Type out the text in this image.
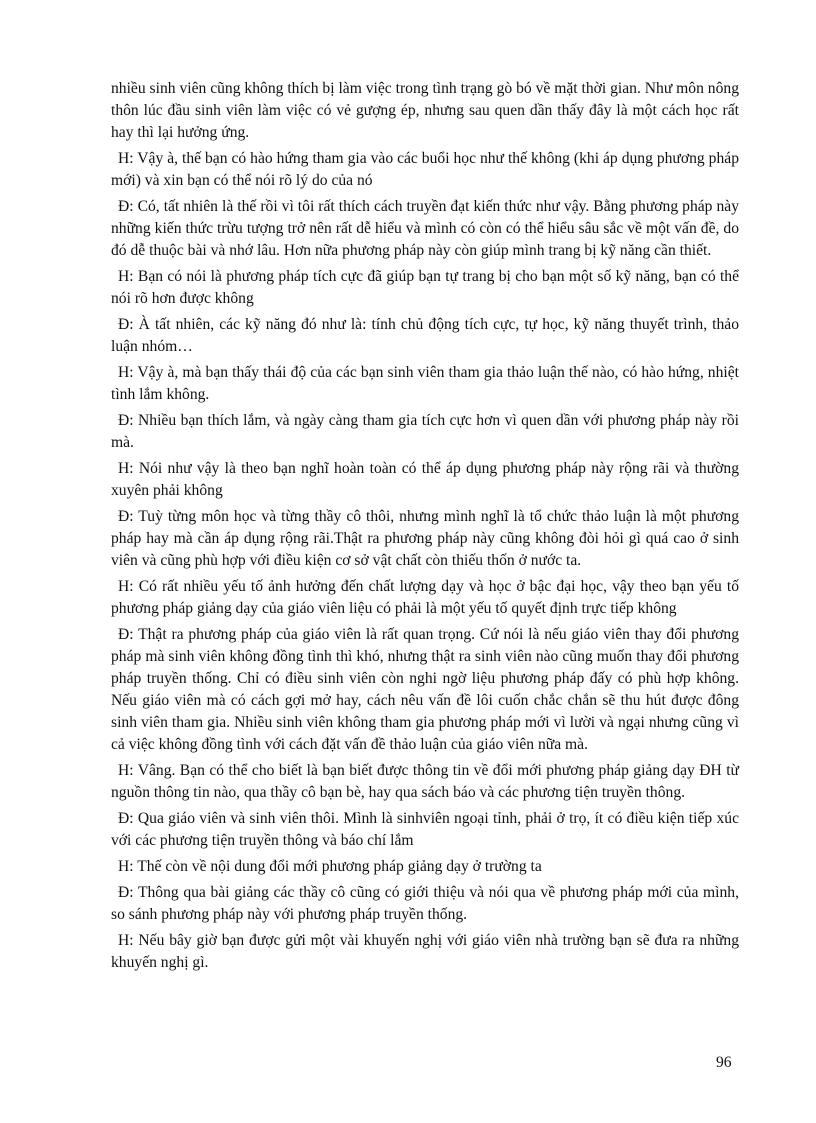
nhiều sinh viên cũng không thích bị làm việc trong tình trạng gò bó về mặt thời gian. Như môn nông thôn lúc đầu sinh viên làm việc có vẻ gượng ép, nhưng sau quen dần thấy đây là một cách học rất hay thì lại hưởng ứng.

H: Vậy à, thế bạn có hào hứng tham gia vào các buổi học như thế không (khi áp dụng phương pháp mới) và xin bạn có thể nói rõ lý do của nó

Đ: Có, tất nhiên là thế rồi vì tôi rất thích cách truyền đạt kiến thức như vậy. Bằng phương pháp này những kiến thức trừu tượng trở nên rất dễ hiểu và mình có còn có thể hiểu sâu sắc về một vấn đề, do đó dễ thuộc bài và nhớ lâu. Hơn nữa phương pháp này còn giúp mình trang bị kỹ năng cần thiết.

H: Bạn có nói là phương pháp tích cực đã giúp bạn tự trang bị cho bạn một số kỹ năng, bạn có thể nói rõ hơn được không

Đ: À tất nhiên, các kỹ năng đó như là: tính chủ động tích cực, tự học, kỹ năng thuyết trình, thảo luận nhóm…

H: Vậy à, mà bạn thấy thái độ của các bạn sinh viên tham gia thảo luận thế nào, có hào hứng, nhiệt tình lắm không.

Đ: Nhiều bạn thích lắm, và ngày càng tham gia tích cực hơn vì quen dần với phương pháp này rồi mà.

H: Nói như vậy là theo bạn nghĩ hoàn toàn có thể áp dụng phương pháp này rộng rãi và thường xuyên phải không

Đ: Tuỳ từng môn học và từng thầy cô thôi, nhưng mình nghĩ là tổ chức thảo luận là một phương pháp hay mà cần áp dụng rộng rãi.Thật ra phương pháp này cũng không đòi hỏi gì quá cao ở sinh viên và cũng phù hợp với điều kiện cơ sở vật chất còn thiếu thốn ở nước ta.

H: Có rất nhiều yếu tố ảnh hưởng đến chất lượng dạy và học ở bậc đại học, vậy theo bạn yếu tố phương pháp giảng dạy của giáo viên liệu có phải là một yếu tố quyết định trực tiếp không

Đ: Thật ra phương pháp của giáo viên là rất quan trọng. Cứ nói là nếu giáo viên thay đổi phương pháp mà sinh viên không đồng tình thì khó, nhưng thật ra sinh viên nào cũng muốn thay đổi phương pháp truyền thống. Chỉ có điều sinh viên còn nghi ngờ liệu phương pháp đấy có phù hợp không. Nếu giáo viên mà có cách gợi mở hay, cách nêu vấn đề lôi cuốn chắc chắn sẽ thu hút được đông sinh viên tham gia. Nhiều sinh viên không tham gia phương pháp mới vì lười và ngại nhưng cũng vì cả việc không đồng tình với cách đặt vấn đề thảo luận của giáo viên nữa mà.

H: Vâng. Bạn có thể cho biết là bạn biết được thông tin về đổi mới phương pháp giảng dạy ĐH từ nguồn thông tin nào, qua thầy cô bạn bè, hay qua sách báo và các phương tiện truyền thông.

Đ: Qua giáo viên và sinh viên thôi. Mình là sinhviên ngoại tỉnh, phải ở trọ, ít có điều kiện tiếp xúc với các phương tiện truyền thông và báo chí lắm

H: Thế còn về nội dung đổi mới phương pháp giảng dạy ở trường ta

Đ: Thông qua bài giảng các thầy cô cũng có giới thiệu và nói qua về phương pháp mới của mình, so sánh phương pháp này với phương pháp truyền thống.

H: Nếu bây giờ bạn được gửi một vài khuyến nghị với giáo viên nhà trường bạn sẽ đưa ra những khuyến nghị gì.

96
